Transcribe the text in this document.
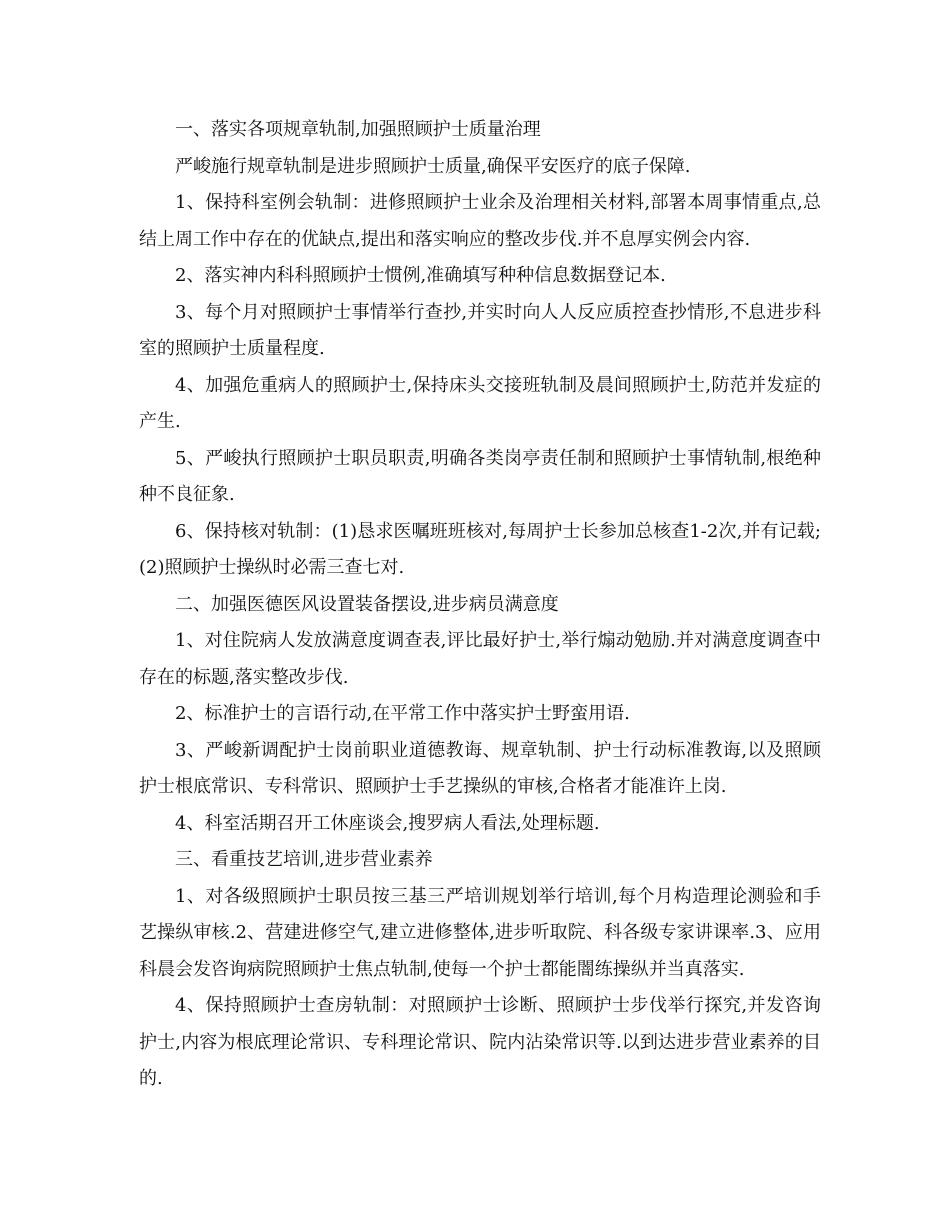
一、落实各项规章轨制,加强照顾护士质量治理

严峻施行规章轨制是进步照顾护士质量,确保平安医疗的底子保障.

1、保持科室例会轨制：进修照顾护士业余及治理相关材料,部署本周事情重点,总结上周工作中存在的优缺点,提出和落实响应的整改步伐.并不息厚实例会内容.

2、落实神内科科照顾护士惯例,准确填写种种信息数据登记本.

3、每个月对照顾护士事情举行查抄,并实时向人人反应质控查抄情形,不息进步科室的照顾护士质量程度.

4、加强危重病人的照顾护士,保持床头交接班轨制及晨间照顾护士,防范并发症的产生.

5、严峻执行照顾护士职员职责,明确各类岗亭责任制和照顾护士事情轨制,根绝种种不良征象.

6、保持核对轨制：(1)恳求医嘱班班核对,每周护士长参加总核查1-2次,并有记载;(2)照顾护士操纵时必需三查七对.

二、加强医德医风设置装备摆设,进步病员满意度

1、对住院病人发放满意度调查表,评比最好护士,举行煽动勉励.并对满意度调查中存在的标题,落实整改步伐.

2、标准护士的言语行动,在平常工作中落实护士野蛮用语.

3、严峻新调配护士岗前职业道德教诲、规章轨制、护士行动标准教诲,以及照顾护士根底常识、专科常识、照顾护士手艺操纵的审核,合格者才能准许上岗.

4、科室活期召开工休座谈会,搜罗病人看法,处理标题.

三、看重技艺培训,进步营业素养

1、对各级照顾护士职员按三基三严培训规划举行培训,每个月构造理论测验和手艺操纵审核.2、营建进修空气,建立进修整体,进步听取院、科各级专家讲课率.3、应用科晨会发咨询病院照顾护士焦点轨制,使每一个护士都能闇练操纵并当真落实.

4、保持照顾护士查房轨制：对照顾护士诊断、照顾护士步伐举行探究,并发咨询护士,内容为根底理论常识、专科理论常识、院内沾染常识等.以到达进步营业素养的目的.
